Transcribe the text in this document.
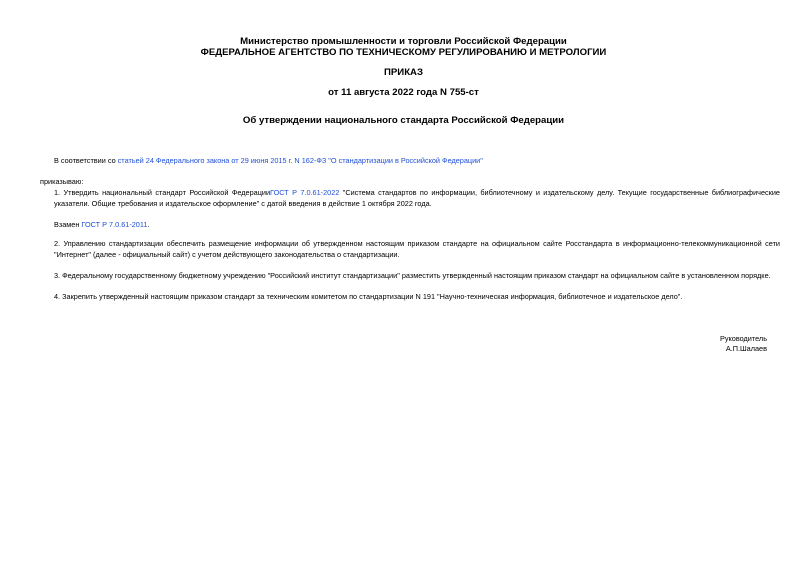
Министерство промышленности и торговли Российской Федерации
ФЕДЕРАЛЬНОЕ АГЕНТСТВО ПО ТЕХНИЧЕСКОМУ РЕГУЛИРОВАНИЮ И МЕТРОЛОГИИ
ПРИКАЗ
от 11 августа 2022 года N 755-ст
Об утверждении национального стандарта Российской Федерации
В соответствии со статьей 24 Федерального закона от 29 июня 2015 г. N 162-ФЗ "О стандартизации в Российской Федерации"
приказываю:
1. Утвердить национальный стандарт Российской ФедерацииГОСТ Р 7.0.61-2022 "Система стандартов по информации, библиотечному и издательскому делу. Текущие государственные библиографические указатели. Общие требования и издательское оформление" с датой введения в действие 1 октября 2022 года.
Взамен ГОСТ Р 7.0.61-2011.
2. Управлению стандартизации обеспечить размещение информации об утвержденном настоящим приказом стандарте на официальном сайте Росстандарта в информационно-телекоммуникационной сети "Интернет" (далее - официальный сайт) с учетом действующего законодательства о стандартизации.
3. Федеральному государственному бюджетному учреждению "Российский институт стандартизации" разместить утвержденный настоящим приказом стандарт на официальном сайте в установленном порядке.
4. Закрепить утвержденный настоящим приказом стандарт за техническим комитетом по стандартизации N 191 "Научно-техническая информация, библиотечное и издательское дело".
Руководитель
А.П.Шалаев
